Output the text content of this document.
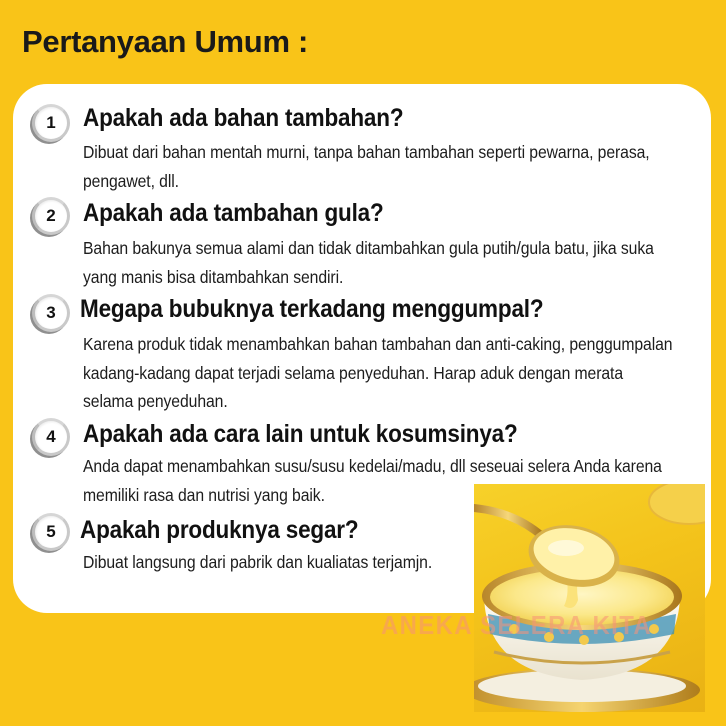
Pertanyaan Umum :
1	Apakah ada bahan tambahan?
Dibuat dari bahan mentah murni, tanpa bahan tambahan seperti pewarna, perasa, pengawet, dll.
2	Apakah ada tambahan gula?
Bahan bakunya semua alami dan tidak ditambahkan gula putih/gula batu, jika suka yang manis bisa ditambahkan sendiri.
3 Megapa bubuknya terkadang menggumpal?
Karena produk tidak menambahkan bahan tambahan dan anti-caking, penggumpalan kadang-kadang dapat terjadi selama penyeduhan. Harap aduk dengan merata selama penyeduhan.
4	Apakah ada cara lain untuk kosumsinya?
Anda dapat menambahkan susu/susu kedelai/madu, dll seseuai selera Anda karena memiliki rasa dan nutrisi yang baik.
5 Apakah produknya segar?
Dibuat langsung dari pabrik dan kualiatas terjamjn.
ANEKA SELERA KITA
